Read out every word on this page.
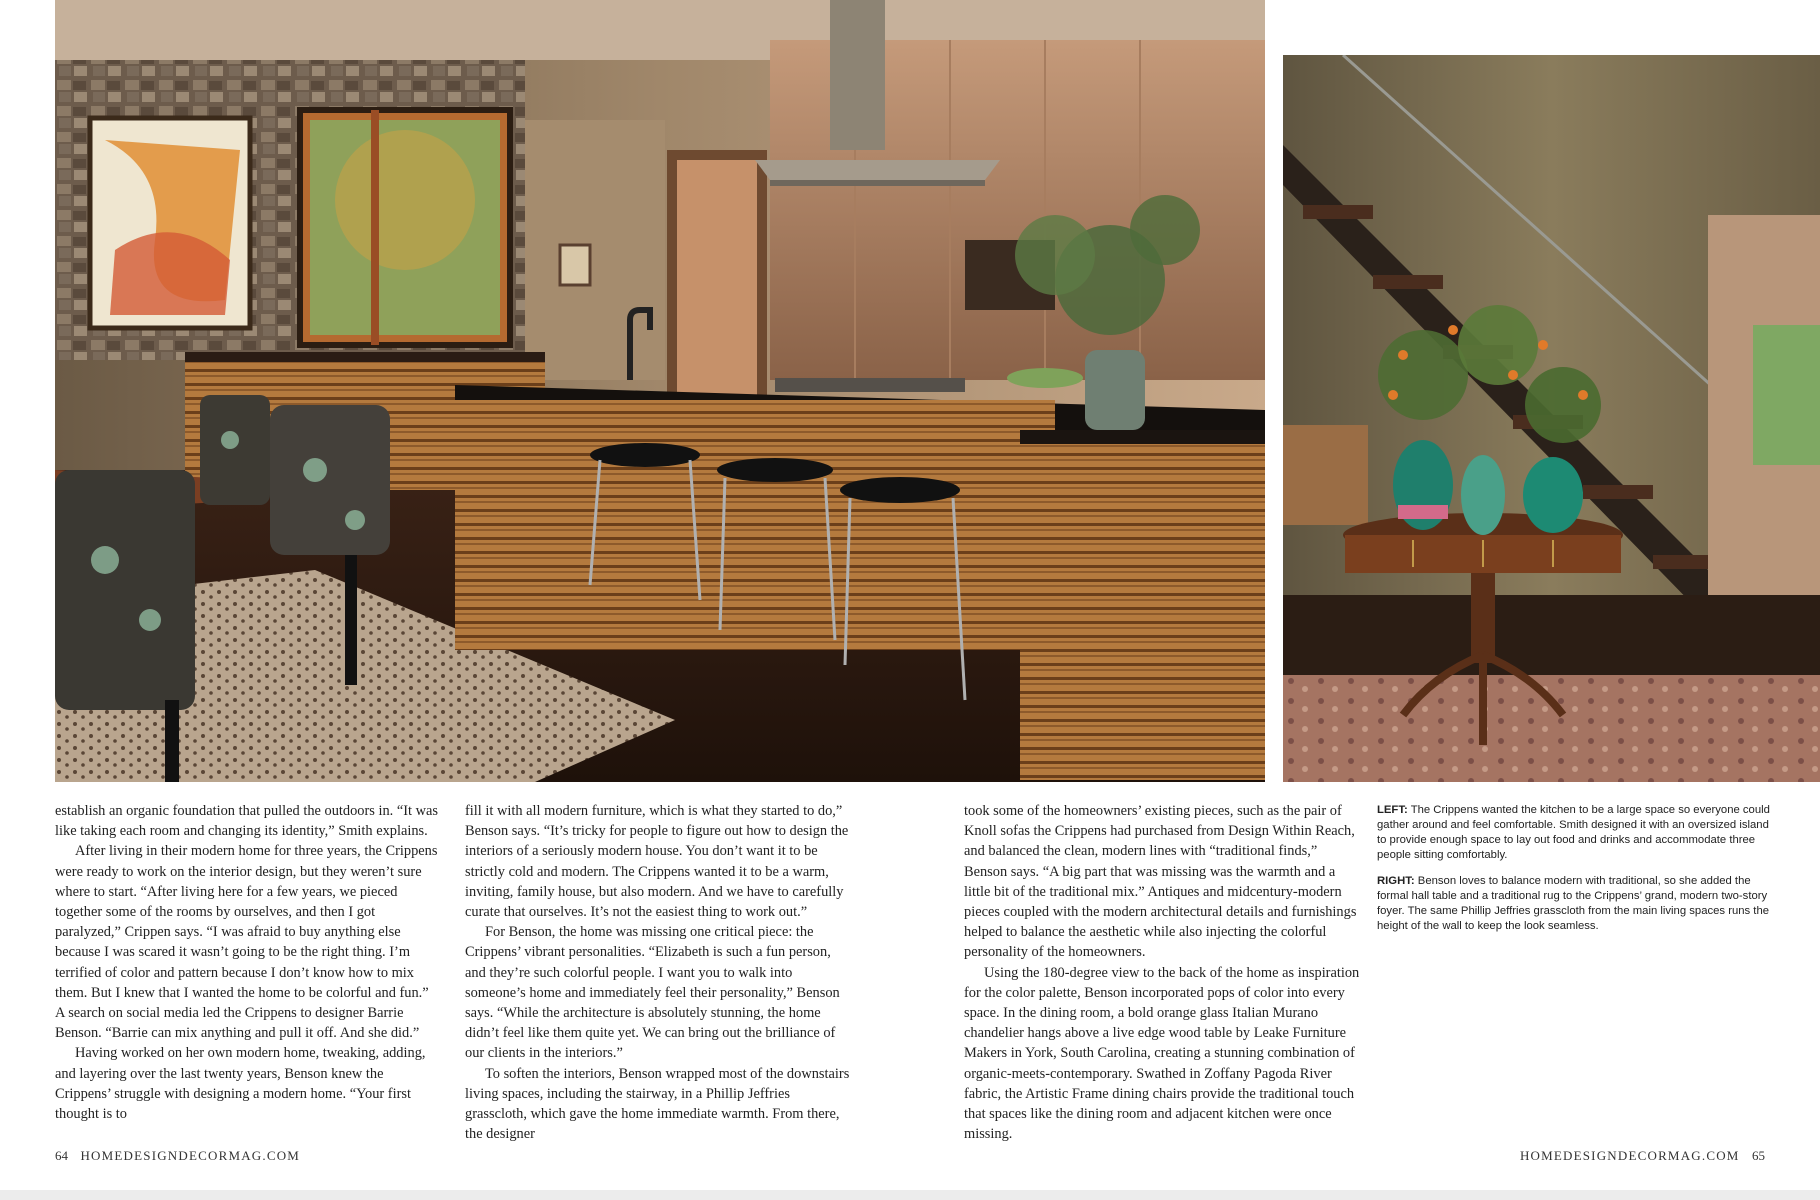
establish an organic foundation that pulled the outdoors in. “It was like taking each room and changing its identity,” Smith explains.

After living in their modern home for three years, the Crippens were ready to work on the interior design, but they weren’t sure where to start. “After living here for a few years, we pieced together some of the rooms by ourselves, and then I got paralyzed,” Crippen says. “I was afraid to buy anything else because I was scared it wasn’t going to be the right thing. I’m terrified of color and pattern because I don’t know how to mix them. But I knew that I wanted the home to be colorful and fun.” A search on social media led the Crippens to designer Barrie Benson. “Barrie can mix anything and pull it off. And she did.”

Having worked on her own modern home, tweaking, adding, and layering over the last twenty years, Benson knew the Crippens’ struggle with designing a modern home. “Your first thought is to

fill it with all modern furniture, which is what they started to do,” Benson says. “It’s tricky for people to figure out how to design the interiors of a seriously modern house. You don’t want it to be strictly cold and modern. The Crippens wanted it to be a warm, inviting, family house, but also modern. And we have to carefully curate that ourselves. It’s not the easiest thing to work out.”

For Benson, the home was missing one critical piece: the Crippens’ vibrant personalities. “Elizabeth is such a fun person, and they’re such colorful people. I want you to walk into someone’s home and immediately feel their personality,” Benson says. “While the architecture is absolutely stunning, the home didn’t feel like them quite yet. We can bring out the brilliance of our clients in the interiors.”

To soften the interiors, Benson wrapped most of the downstairs living spaces, including the stairway, in a Phillip Jeffries grasscloth, which gave the home immediate warmth. From there, the designer

took some of the homeowners’ existing pieces, such as the pair of Knoll sofas the Crippens had purchased from Design Within Reach, and balanced the clean, modern lines with “traditional finds,” Benson says. “A big part that was missing was the warmth and a little bit of the traditional mix.” Antiques and midcentury-modern pieces coupled with the modern architectural details and furnishings helped to balance the aesthetic while also injecting the colorful personality of the homeowners.

Using the 180-degree view to the back of the home as inspiration for the color palette, Benson incorporated pops of color into every space. In the dining room, a bold orange glass Italian Murano chandelier hangs above a live edge wood table by Leake Furniture Makers in York, South Carolina, creating a stunning combination of organic-meets-contemporary. Swathed in Zoffany Pagoda River fabric, the Artistic Frame dining chairs provide the traditional touch that spaces like the dining room and adjacent kitchen were once missing.

LEFT: The Crippens wanted the kitchen to be a large space so everyone could gather around and feel comfortable. Smith designed it with an oversized island to provide enough space to lay out food and drinks and accommodate three people sitting comfortably.

RIGHT: Benson loves to balance modern with traditional, so she added the formal hall table and a traditional rug to the Crippens’ grand, modern two-story foyer. The same Phillip Jeffries grasscloth from the main living spaces runs the height of the wall to keep the look seamless.

64 HOMEDESIGNDECORMAG.COM	HOMEDESIGNDECORMAG.COM 65
